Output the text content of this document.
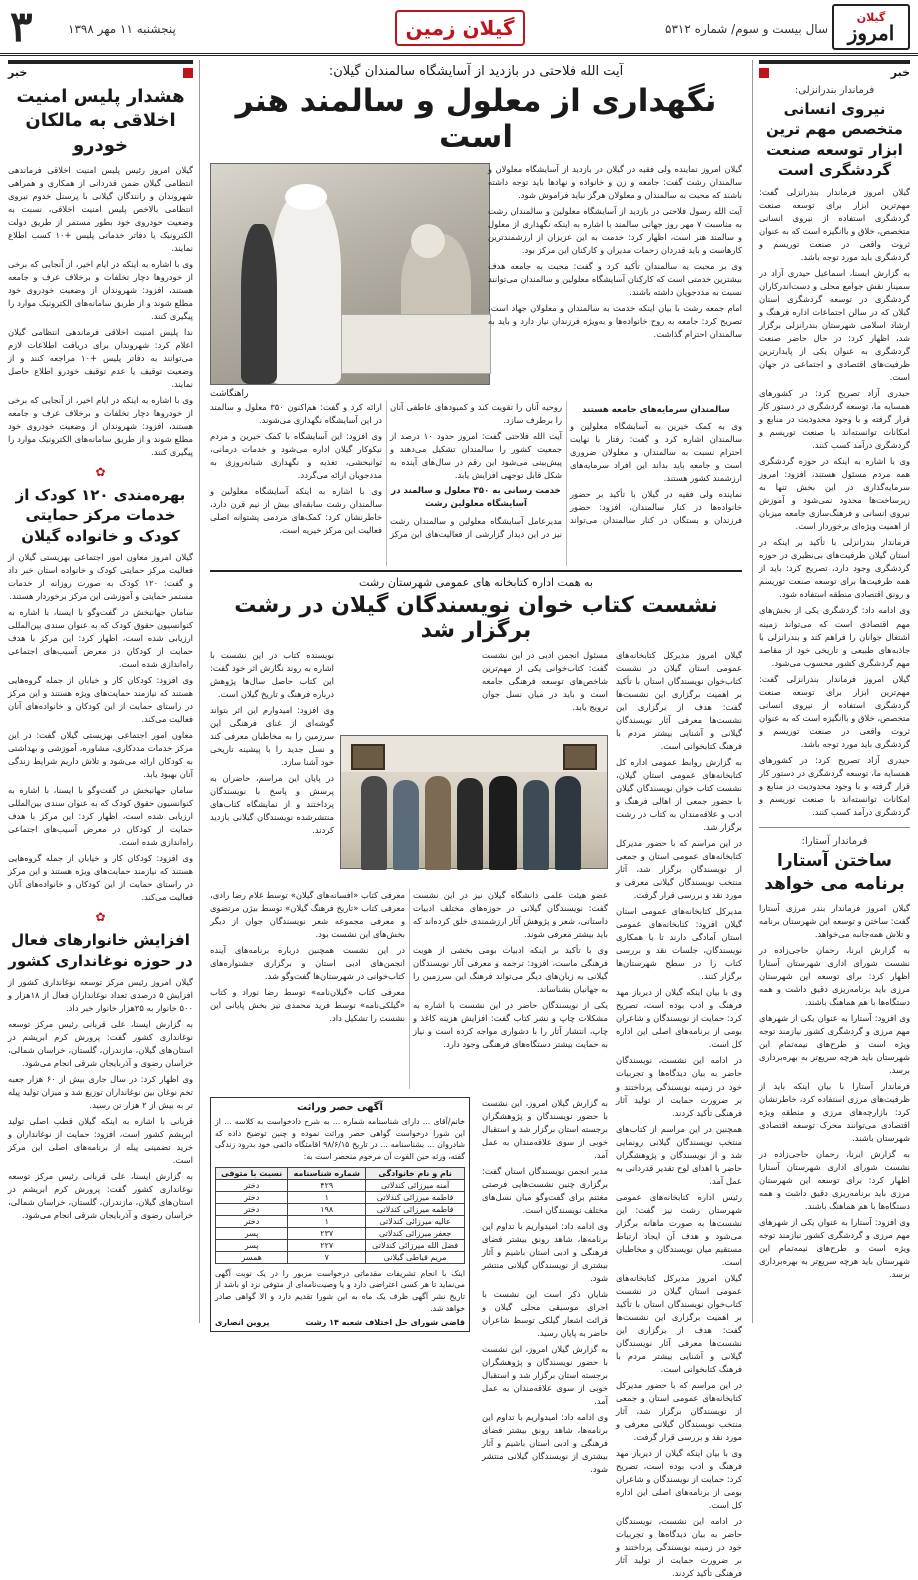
۳	پنجشنبه ۱۱ مهر ۱۳۹۸	گیلان زمین	سال بیست و سوم/ شماره ۵۳۱۲
گیلان
امروز
خبر
فرماندار بندرانزلی:
نیروی انسانی متخصص مهم ترین ابزار توسعه صنعت گردشگری است

گیلان امروز فرماندار بندرانزلی گفت: مهم‌ترین ابزار برای توسعه صنعت گردشگری استفاده از نیروی انسانی متخصص، خلاق و باانگیزه است که به عنوان ثروت واقعی در صنعت توریسم و گردشگری باید مورد توجه باشد.

به گزارش ایسنا، اسماعیل حیدری آزاد در سمینار نقش جوامع محلی و دست‌اندرکاران گردشگری در توسعه گردشگری استان گیلان که در سالن اجتماعات اداره فرهنگ و ارشاد اسلامی شهرستان بندرانزلی برگزار شد، اظهار کرد: در حال حاضر صنعت گردشگری به عنوان یکی از پایدارترین ظرفیت‌های اقتصادی و اجتماعی در جهان است.

حیدری آزاد تصریح کرد: در کشورهای همسایه ما، توسعه گردشگری در دستور کار قرار گرفته و با وجود محدودیت در منابع و امکانات توانسته‌اند با صنعت توریسم و گردشگری درآمد کسب کنند.

وی با اشاره به اینکه در حوزه گردشگری همه مردم مسئول هستند، افزود: امروز سرمایه‌گذاری در این بخش تنها به زیرساخت‌ها محدود نمی‌شود و آموزش نیروی انسانی و فرهنگ‌سازی جامعه میزبان از اهمیت ویژه‌ای برخوردار است.

فرماندار بندرانزلی با تأکید بر اینکه در استان گیلان ظرفیت‌های بی‌نظیری در حوزه گردشگری وجود دارد، تصریح کرد: باید از همه ظرفیت‌ها برای توسعه صنعت توریسم و رونق اقتصادی منطقه استفاده شود.

وی ادامه داد: گردشگری یکی از بخش‌های مهم اقتصادی است که می‌تواند زمینه اشتغال جوانان را فراهم کند و بندرانزلی با جاذبه‌های طبیعی و تاریخی خود از مقاصد مهم گردشگری کشور محسوب می‌شود.

گیلان امروز فرماندار بندرانزلی گفت: مهم‌ترین ابزار برای توسعه صنعت گردشگری استفاده از نیروی انسانی متخصص، خلاق و باانگیزه است که به عنوان ثروت واقعی در صنعت توریسم و گردشگری باید مورد توجه باشد.

حیدری آزاد تصریح کرد: در کشورهای همسایه ما، توسعه گردشگری در دستور کار قرار گرفته و با وجود محدودیت در منابع و امکانات توانسته‌اند با صنعت توریسم و گردشگری درآمد کسب کنند.

فرماندار آستارا:
ساختن آستارا برنامه می خواهد

گیلان امروز فرماندار بندر مرزی آستارا گفت: ساختن و توسعه این شهرستان برنامه و تلاش همه‌جانبه می‌خواهد.

به گزارش ایرنا، رحمان حاجی‌زاده در نشست شورای اداری شهرستان آستارا اظهار کرد: برای توسعه این شهرستان مرزی باید برنامه‌ریزی دقیق داشت و همه دستگاه‌ها با هم هماهنگ باشند.

وی افزود: آستارا به عنوان یکی از شهرهای مهم مرزی و گردشگری کشور نیازمند توجه ویژه است و طرح‌های نیمه‌تمام این شهرستان باید هرچه سریع‌تر به بهره‌برداری برسد.

فرماندار آستارا با بیان اینکه باید از ظرفیت‌های مرزی استفاده کرد، خاطرنشان کرد: بازارچه‌های مرزی و منطقه ویژه اقتصادی می‌توانند محرک توسعه اقتصادی شهرستان باشند.

به گزارش ایرنا، رحمان حاجی‌زاده در نشست شورای اداری شهرستان آستارا اظهار کرد: برای توسعه این شهرستان مرزی باید برنامه‌ریزی دقیق داشت و همه دستگاه‌ها با هم هماهنگ باشند.

وی افزود: آستارا به عنوان یکی از شهرهای مهم مرزی و گردشگری کشور نیازمند توجه ویژه است و طرح‌های نیمه‌تمام این شهرستان باید هرچه سریع‌تر به بهره‌برداری برسد.

خبر
هشدار پلیس امنیت اخلاقی به مالکان خودرو

گیلان امروز رئیس پلیس امنیت اخلاقی فرماندهی انتظامی گیلان ضمن قدردانی از همکاری و همراهی شهروندان و رانندگان گیلانی با پرسنل خدوم نیروی انتظامی بالاخص پلیس امنیت اخلاقی، نسبت به وضعیت خودروی خود بطور مستمر از طریق دولت الکترونیک یا دفاتر خدماتی پلیس +۱۰ کسب اطلاع نمایند.

وی با اشاره به اینکه در ایام اخیر، از آنجایی که برخی از خودروها دچار تخلفات و برخلاف عرف و جامعه هستند، افزود: شهروندان از وضعیت خودروی خود مطلع شوند و از طریق سامانه‌های الکترونیک موارد را پیگیری کنند.

ندا پلیس امنیت اخلاقی فرماندهی انتظامی گیلان اعلام کرد: شهروندان برای دریافت اطلاعات لازم می‌توانند به دفاتر پلیس +۱۰ مراجعه کنند و از وضعیت توقیف یا عدم توقیف خودرو اطلاع حاصل نمایند.

وی با اشاره به اینکه در ایام اخیر، از آنجایی که برخی از خودروها دچار تخلفات و برخلاف عرف و جامعه هستند، افزود: شهروندان از وضعیت خودروی خود مطلع شوند و از طریق سامانه‌های الکترونیک موارد را پیگیری کنند.

✿
بهره‌مندی ۱۲۰ کودک از خدمات مرکز حمایتی کودک و خانواده گیلان

گیلان امروز معاون امور اجتماعی بهزیستی گیلان از فعالیت مرکز حمایتی کودک و خانواده استان خبر داد و گفت: ۱۲۰ کودک به صورت روزانه از خدمات مستمر حمایتی و آموزشی این مرکز برخوردار هستند.

سامان جهانبخش در گفت‌وگو با ایسنا، با اشاره به کنوانسیون حقوق کودک که به عنوان سندی بین‌المللی ارزیابی شده است، اظهار کرد: این مرکز با هدف حمایت از کودکان در معرض آسیب‌های اجتماعی راه‌اندازی شده است.

وی افزود: کودکان کار و خیابان از جمله گروه‌هایی هستند که نیازمند حمایت‌های ویژه هستند و این مرکز در راستای حمایت از این کودکان و خانواده‌های آنان فعالیت می‌کند.

معاون امور اجتماعی بهزیستی گیلان گفت: در این مرکز خدمات مددکاری، مشاوره، آموزشی و بهداشتی به کودکان ارائه می‌شود و تلاش داریم شرایط زندگی آنان بهبود یابد.

سامان جهانبخش در گفت‌وگو با ایسنا، با اشاره به کنوانسیون حقوق کودک که به عنوان سندی بین‌المللی ارزیابی شده است، اظهار کرد: این مرکز با هدف حمایت از کودکان در معرض آسیب‌های اجتماعی راه‌اندازی شده است.

وی افزود: کودکان کار و خیابان از جمله گروه‌هایی هستند که نیازمند حمایت‌های ویژه هستند و این مرکز در راستای حمایت از این کودکان و خانواده‌های آنان فعالیت می‌کند.

✿
افزایش خانوارهای فعال در حوزه نوغانداری کشور

گیلان امروز رئیس مرکز توسعه نوغانداری کشور از افزایش ۵ درصدی تعداد نوغانداران فعال از ۱۸هزار و ۵۰۰ خانوار به ۲۵هزار خانوار خبر داد.

به گزارش ایسنا، علی قربانی رئیس مرکز توسعه نوغانداری کشور گفت: پرورش کرم ابریشم در استان‌های گیلان، مازندران، گلستان، خراسان شمالی، خراسان رضوی و آذربایجان شرقی انجام می‌شود.

وی اظهار کرد: در سال جاری بیش از ۶۰ هزار جعبه تخم نوغان بین نوغانداران توزیع شد و میزان تولید پیله تر به بیش از ۲ هزار تن رسید.

قربانی با اشاره به اینکه گیلان قطب اصلی تولید ابریشم کشور است، افزود: حمایت از نوغانداران و خرید تضمینی پیله از برنامه‌های اصلی این مرکز است.

به گزارش ایسنا، علی قربانی رئیس مرکز توسعه نوغانداری کشور گفت: پرورش کرم ابریشم در استان‌های گیلان، مازندران، گلستان، خراسان شمالی، خراسان رضوی و آذربایجان شرقی انجام می‌شود.

آیت الله فلاحتی در بازدید از آسایشگاه سالمندان گیلان:
نگهداری از معلول و سالمند هنر است
راهنگاشت

گیلان امروز نماینده ولی فقیه در گیلان در بازدید از آسایشگاه معلولان و سالمندان رشت گفت: جامعه و زن و خانواده و نهادها باید توجه داشته باشند که محبت به سالمندان و معلولان هرگز نباید فراموش شود.

آیت الله رسول فلاحتی در بازدید از آسایشگاه معلولین و سالمندان رشت به مناسبت ۷ مهر روز جهانی سالمند با اشاره به اینکه نگهداری از معلول و سالمند هنر است، اظهار کرد: خدمت به این عزیزان از ارزشمندترین کارهاست و باید قدردان زحمات مدیران و کارکنان این مرکز بود.

وی بر محبت به سالمندان تأکید کرد و گفت: محبت به جامعه هدف بیشترین خدمتی است که کارکنان آسایشگاه معلولین و سالمندان می‌توانند نسبت به مددجویان داشته باشند.

امام جمعه رشت با بیان اینکه خدمت به سالمندان و معلولان جهاد است، تصریح کرد: جامعه به روح خانواده‌ها و به‌ویژه فرزندان نیاز دارد و باید به سالمندان احترام گذاشت.

سالمندان سرمایه‌های جامعه هستند

وی به کمک خیرین به آسایشگاه معلولین و سالمندان اشاره کرد و گفت: رفتار با نهایت احترام نسبت به سالمندان و معلولان ضروری است و جامعه باید بداند این افراد سرمایه‌های ارزشمند کشور هستند.

نماینده ولی فقیه در گیلان با تأکید بر حضور خانواده‌ها در کنار سالمندان، افزود: حضور فرزندان و بستگان در کنار سالمندان می‌تواند روحیه آنان را تقویت کند و کمبودهای عاطفی آنان را برطرف سازد.

آیت الله فلاحتی گفت: امروز حدود ۱۰ درصد از جمعیت کشور را سالمندان تشکیل می‌دهند و پیش‌بینی می‌شود این رقم در سال‌های آینده به شکل قابل توجهی افزایش یابد.

خدمت رسانی به ۳۵۰ معلول و سالمند در آسایشگاه معلولین رشت

مدیرعامل آسایشگاه معلولین و سالمندان رشت نیز در این دیدار گزارشی از فعالیت‌های این مرکز ارائه کرد و گفت: هم‌اکنون ۳۵۰ معلول و سالمند در این آسایشگاه نگهداری می‌شوند.

وی افزود: این آسایشگاه با کمک خیرین و مردم نیکوکار گیلان اداره می‌شود و خدمات درمانی، توانبخشی، تغذیه و نگهداری شبانه‌روزی به مددجویان ارائه می‌گردد.

وی با اشاره به اینکه آسایشگاه معلولین و سالمندان رشت سابقه‌ای بیش از نیم قرن دارد، خاطرنشان کرد: کمک‌های مردمی پشتوانه اصلی فعالیت این مرکز خیریه است.

به همت اداره کتابخانه های عمومی شهرستان رشت
نشست کتاب خوان نویسندگان گیلان در رشت برگزار شد

گیلان امروز مدیرکل کتابخانه‌های عمومی استان گیلان در نشست کتاب‌خوان نویسندگان استان با تأکید بر اهمیت برگزاری این نشست‌ها گفت: هدف از برگزاری این نشست‌ها معرفی آثار نویسندگان گیلانی و آشنایی بیشتر مردم با فرهنگ کتابخوانی است.

به گزارش روابط عمومی اداره کل کتابخانه‌های عمومی استان گیلان، نشست کتاب خوان نویسندگان گیلان با حضور جمعی از اهالی فرهنگ و ادب و علاقه‌مندان به کتاب در رشت برگزار شد.

در این مراسم که با حضور مدیرکل کتابخانه‌های عمومی استان و جمعی از نویسندگان برگزار شد، آثار منتخب نویسندگان گیلانی معرفی و مورد نقد و بررسی قرار گرفت.

مدیرکل کتابخانه‌های عمومی استان گیلان افزود: کتابخانه‌های عمومی استان آمادگی دارند تا با همکاری نویسندگان، جلسات نقد و بررسی کتاب را در سطح شهرستان‌ها برگزار کنند.

وی با بیان اینکه گیلان از دیرباز مهد فرهنگ و ادب بوده است، تصریح کرد: حمایت از نویسندگان و شاعران بومی از برنامه‌های اصلی این اداره کل است.

در ادامه این نشست، نویسندگان حاضر به بیان دیدگاه‌ها و تجربیات خود در زمینه نویسندگی پرداختند و بر ضرورت حمایت از تولید آثار فرهنگی تأکید کردند.

همچنین در این مراسم از کتاب‌های منتخب نویسندگان گیلانی رونمایی شد و از نویسندگان و پژوهشگران حاضر با اهدای لوح تقدیر قدردانی به عمل آمد.

رئیس اداره کتابخانه‌های عمومی شهرستان رشت نیز گفت: این نشست‌ها به صورت ماهانه برگزار می‌شود و هدف آن ایجاد ارتباط مستقیم میان نویسندگان و مخاطبان است.

گیلان امروز مدیرکل کتابخانه‌های عمومی استان گیلان در نشست کتاب‌خوان نویسندگان استان با تأکید بر اهمیت برگزاری این نشست‌ها گفت: هدف از برگزاری این نشست‌ها معرفی آثار نویسندگان گیلانی و آشنایی بیشتر مردم با فرهنگ کتابخوانی است.

در این مراسم که با حضور مدیرکل کتابخانه‌های عمومی استان و جمعی از نویسندگان برگزار شد، آثار منتخب نویسندگان گیلانی معرفی و مورد نقد و بررسی قرار گرفت.

وی با بیان اینکه گیلان از دیرباز مهد فرهنگ و ادب بوده است، تصریح کرد: حمایت از نویسندگان و شاعران بومی از برنامه‌های اصلی این اداره کل است.

در ادامه این نشست، نویسندگان حاضر به بیان دیدگاه‌ها و تجربیات خود در زمینه نویسندگی پرداختند و بر ضرورت حمایت از تولید آثار فرهنگی تأکید کردند.

مسئول انجمن ادبی در این نشست گفت: کتاب‌خوانی یکی از مهم‌ترین شاخص‌های توسعه فرهنگی جامعه است و باید در میان نسل جوان ترویج یابد.

نویسنده کتاب در این نشست با اشاره به روند نگارش اثر خود گفت: این کتاب حاصل سال‌ها پژوهش درباره فرهنگ و تاریخ گیلان است.

وی افزود: امیدوارم این اثر بتواند گوشه‌ای از غنای فرهنگی این سرزمین را به مخاطبان معرفی کند و نسل جدید را با پیشینه تاریخی خود آشنا سازد.

در پایان این مراسم، حاضران به پرسش و پاسخ با نویسندگان پرداختند و از نمایشگاه کتاب‌های منتشرشده نویسندگان گیلانی بازدید کردند.

عضو هیئت علمی دانشگاه گیلان نیز در این نشست گفت: نویسندگان گیلانی در حوزه‌های مختلف ادبیات داستانی، شعر و پژوهش آثار ارزشمندی خلق کرده‌اند که باید بیشتر معرفی شوند.

وی با تأکید بر اینکه ادبیات بومی بخشی از هویت فرهنگی ماست، افزود: ترجمه و معرفی آثار نویسندگان گیلانی به زبان‌های دیگر می‌تواند فرهنگ این سرزمین را به جهانیان بشناساند.

یکی از نویسندگان حاضر در این نشست با اشاره به مشکلات چاپ و نشر کتاب گفت: افزایش هزینه کاغذ و چاپ، انتشار آثار را با دشواری مواجه کرده است و نیاز به حمایت بیشتر دستگاه‌های فرهنگی وجود دارد.

معرفی کتاب «افسانه‌های گیلان» توسط غلام رضا رادی، معرفی کتاب «تاریخ فرهنگ گیلان» توسط بیژن مرتضوی و معرفی مجموعه شعر نویسندگان جوان از دیگر بخش‌های این نشست بود.

در این نشست همچنین درباره برنامه‌های آینده انجمن‌های ادبی استان و برگزاری جشنواره‌های کتاب‌خوانی در شهرستان‌ها گفت‌وگو شد.

معرفی کتاب «گیلان‌نامه» توسط رضا نوراد و کتاب «گیلکی‌نامه» توسط فرید محمدی نیز بخش پایانی این نشست را تشکیل داد.

به گزارش گیلان امروز، این نشست با حضور نویسندگان و پژوهشگران برجسته استان برگزار شد و استقبال خوبی از سوی علاقه‌مندان به عمل آمد.

مدیر انجمن نویسندگان استان گفت: برگزاری چنین نشست‌هایی فرصتی مغتنم برای گفت‌وگو میان نسل‌های مختلف نویسندگان است.

وی ادامه داد: امیدواریم با تداوم این برنامه‌ها، شاهد رونق بیشتر فضای فرهنگی و ادبی استان باشیم و آثار بیشتری از نویسندگان گیلانی منتشر شود.

شایان ذکر است این نشست با اجرای موسیقی محلی گیلان و قرائت اشعار گیلکی توسط شاعران حاضر به پایان رسید.

به گزارش گیلان امروز، این نشست با حضور نویسندگان و پژوهشگران برجسته استان برگزار شد و استقبال خوبی از سوی علاقه‌مندان به عمل آمد.

وی ادامه داد: امیدواریم با تداوم این برنامه‌ها، شاهد رونق بیشتر فضای فرهنگی و ادبی استان باشیم و آثار بیشتری از نویسندگان گیلانی منتشر شود.

آگهی حصر وراثت
خانم/آقای ... دارای شناسنامه شماره ... به شرح دادخواست به کلاسه ... از این شورا درخواست گواهی حصر وراثت نموده و چنین توضیح داده که شادروان ... بشناسنامه ... در تاریخ ۹۸/۶/۱۵ اقامتگاه دائمی خود بدرود زندگی گفته، ورثه حین الفوت آن مرحوم منحصر است به:
نام و نام خانوادگی	شماره شناسنامه	نسبت با متوفی
آمنه میرزائی کندلاتی	۴۲۹	دختر
فاطمه میرزائی کندلاتی	۱	دختر
فاطمه میرزائی کندلاتی	۱۹۸	دختر
عالیه میرزائی کندلاتی	۱	دختر
جعفر میرزائی کندلاتی	۲۳۷	پسر
فضل الله میرزائی کندلاتی	۲۲۷	پسر
مریم قیاطی گیلانی	۷	همسر
اینک با انجام تشریفات مقدماتی درخواست مزبور را در یک نوبت آگهی می‌نماید تا هر کسی اعتراضی دارد و یا وصیت‌نامه‌ای از متوفی نزد او باشد از تاریخ نشر آگهی ظرف یک ماه به این شورا تقدیم دارد و الا گواهی صادر خواهد شد.
قاضی شورای حل اختلاف شعبه ۱۴ رشت
پروین انصاری
